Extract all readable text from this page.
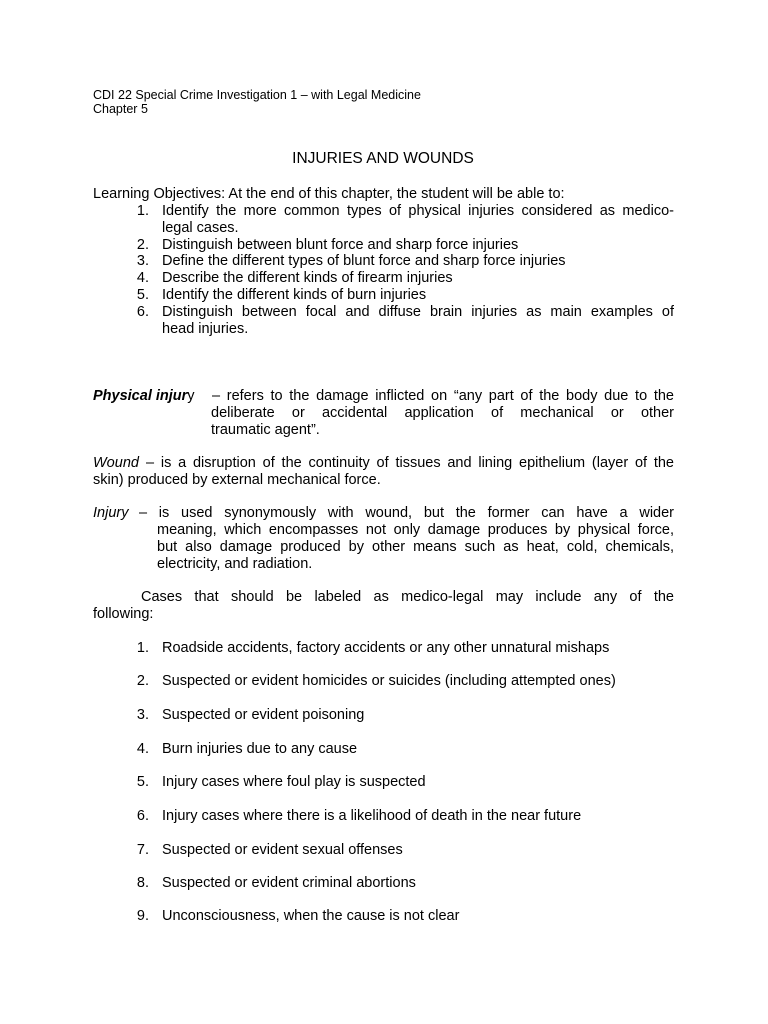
CDI 22 Special Crime Investigation 1 – with Legal Medicine
Chapter 5
INJURIES AND WOUNDS
Learning Objectives: At the end of this chapter, the student will be able to:
1. Identify the more common types of physical injuries considered as medico-
legal cases.
2. Distinguish between blunt force and sharp force injuries
3. Define the different types of blunt force and sharp force injuries
4. Describe the different kinds of firearm injuries
5. Identify the different kinds of burn injuries
6. Distinguish between focal and diffuse brain injuries as main examples of
head injuries.
Physical injury – refers to the damage inflicted on “any part of the body due to the
deliberate or accidental application of mechanical or other
traumatic agent”.
Wound – is a disruption of the continuity of tissues and lining epithelium (layer of the
skin) produced by external mechanical force.
Injury – is used synonymously with wound, but the former can have a wider
meaning, which encompasses not only damage produces by physical force,
but also damage produced by other means such as heat, cold, chemicals,
electricity, and radiation.
Cases that should be labeled as medico-legal may include any of the
following:
1. Roadside accidents, factory accidents or any other unnatural mishaps
2. Suspected or evident homicides or suicides (including attempted ones)
3. Suspected or evident poisoning
4. Burn injuries due to any cause
5. Injury cases where foul play is suspected
6. Injury cases where there is a likelihood of death in the near future
7. Suspected or evident sexual offenses
8. Suspected or evident criminal abortions
9. Unconsciousness, when the cause is not clear
